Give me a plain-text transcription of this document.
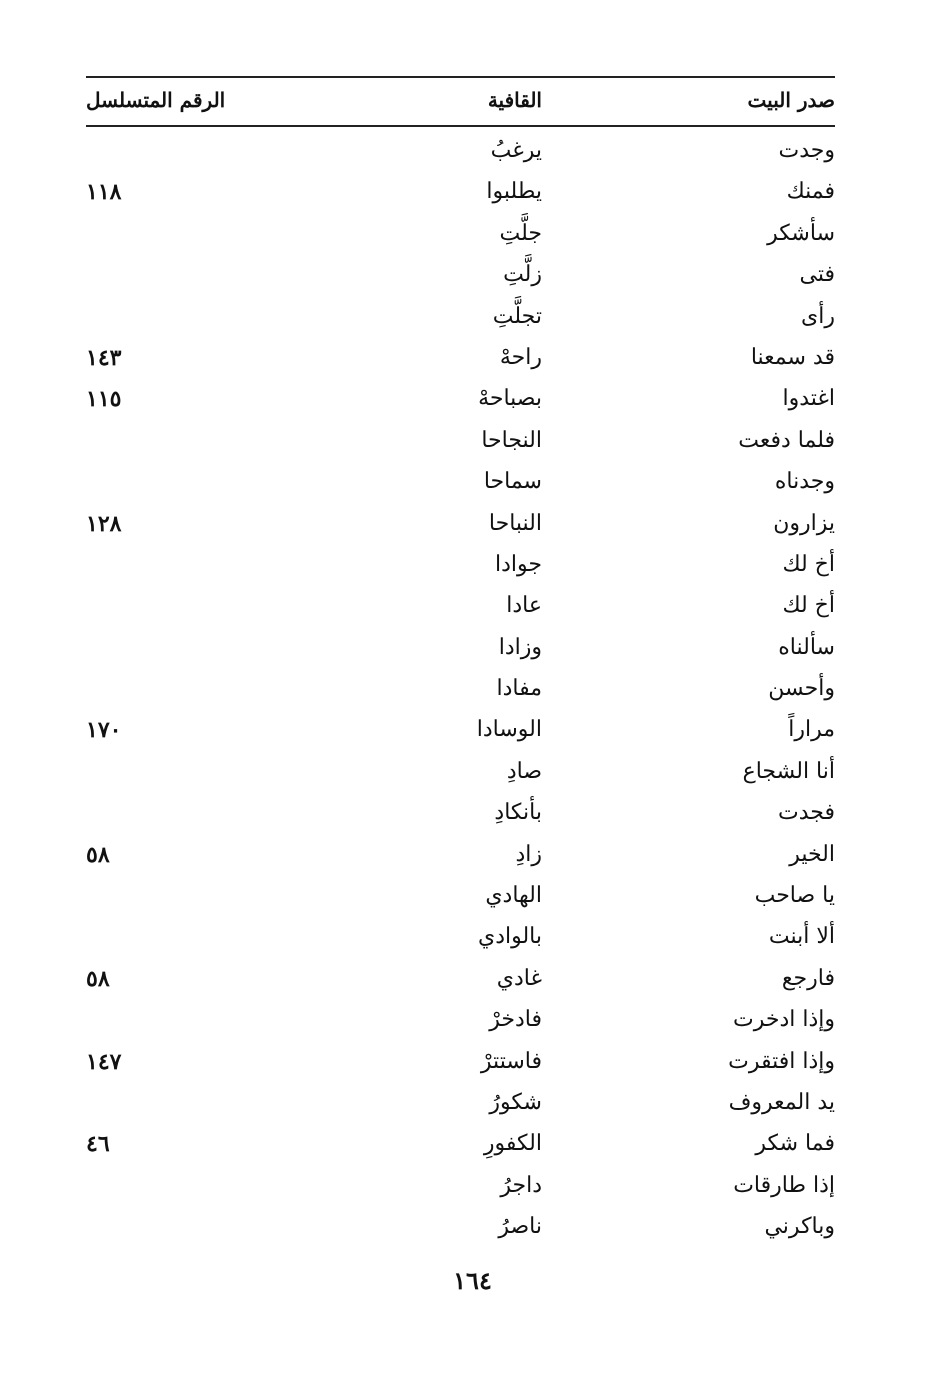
صدر البيت
القافية
الرقم المتسلسل
وجدت
يرغبُ
فمنك
يطلبوا
١١٨
سأشكر
جلَّتِ
فتى
زلَّتِ
رأى
تجلَّتِ
قد سمعنا
راحهْ
١٤٣
اغتدوا
بصباحهْ
١١٥
فلما دفعت
النجاحا
وجدناه
سماحا
يزارون
النباحا
١٢٨
أخ لك
جوادا
أخ لك
عادا
سألناه
وزادا
وأحسن
مفادا
مراراً
الوسادا
١٧٠
أنا الشجاع
صادِ
فجدت
بأنكادِ
الخير
زادِ
٥٨
يا صاحب
الهادي
ألا أبنت
بالوادي
فارجع
غادي
٥٨
وإذا ادخرت
فادخرْ
وإذا افتقرت
فاستترْ
١٤٧
يد المعروف
شكورُ
فما شكر
الكفورِ
٤٦
إذا طارقات
داجرُ
وباكرني
ناصرُ
١٦٤
